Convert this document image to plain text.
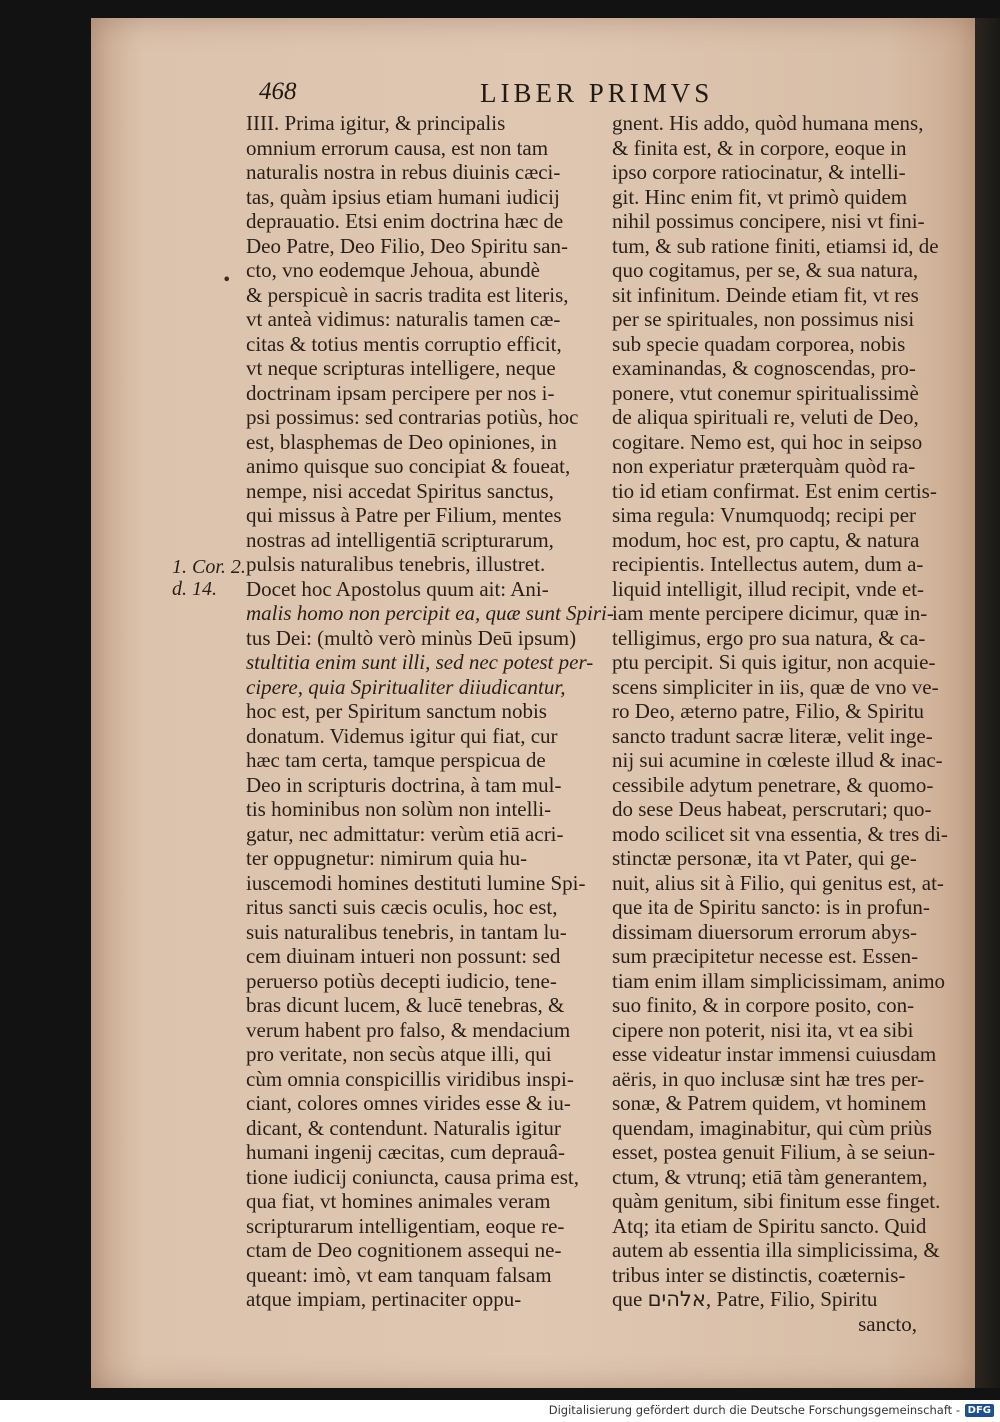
468	LIBER PRIMVS
•
1. Cor. 2.
d. 14.
IIII. Prima igitur, & principalis
omnium errorum causa, est non tam
naturalis nostra in rebus diuinis cæci-
tas, quàm ipsius etiam humani iudicij
deprauatio. Etsi enim doctrina hæc de
Deo Patre, Deo Filio, Deo Spiritu san-
cto, vno eodemque Jehoua, abundè
& perspicuè in sacris tradita est literis,
vt anteà vidimus: naturalis tamen cæ-
citas & totius mentis corruptio efficit,
vt neque scripturas intelligere, neque
doctrinam ipsam percipere per nos i-
psi possimus: sed contrarias potiùs, hoc
est, blasphemas de Deo opiniones, in
animo quisque suo concipiat & foueat,
nempe, nisi accedat Spiritus sanctus,
qui missus à Patre per Filium, mentes
nostras ad intelligentiā scripturarum,
pulsis naturalibus tenebris, illustret.
Docet hoc Apostolus quum ait: Ani-
malis homo non percipit ea, quæ sunt Spiri-
tus Dei: (multò verò minùs Deū ipsum)
stultitia enim sunt illi, sed nec potest per-
cipere, quia Spiritualiter diiudicantur,
hoc est, per Spiritum sanctum nobis
donatum. Videmus igitur qui fiat, cur
hæc tam certa, tamque perspicua de
Deo in scripturis doctrina, à tam mul-
tis hominibus non solùm non intelli-
gatur, nec admittatur: verùm etiā acri-
ter oppugnetur: nimirum quia hu-
iuscemodi homines destituti lumine Spi-
ritus sancti suis cæcis oculis, hoc est,
suis naturalibus tenebris, in tantam lu-
cem diuinam intueri non possunt: sed
peruerso potiùs decepti iudicio, tene-
bras dicunt lucem, & lucē tenebras, &
verum habent pro falso, & mendacium
pro veritate, non secùs atque illi, qui
cùm omnia conspicillis viridibus inspi-
ciant, colores omnes virides esse & iu-
dicant, & contendunt. Naturalis igitur
humani ingenij cæcitas, cum deprauâ-
tione iudicij coniuncta, causa prima est,
qua fiat, vt homines animales veram
scripturarum intelligentiam, eoque re-
ctam de Deo cognitionem assequi ne-
queant: imò, vt eam tanquam falsam
atque impiam, pertinaciter oppu-
gnent. His addo, quòd humana mens,
& finita est, & in corpore, eoque in
ipso corpore ratiocinatur, & intelli-
git. Hinc enim fit, vt primò quidem
nihil possimus concipere, nisi vt fini-
tum, & sub ratione finiti, etiamsi id, de
quo cogitamus, per se, & sua natura,
sit infinitum. Deinde etiam fit, vt res
per se spirituales, non possimus nisi
sub specie quadam corporea, nobis
examinandas, & cognoscendas, pro-
ponere, vtut conemur spiritualissimè
de aliqua spirituali re, veluti de Deo,
cogitare. Nemo est, qui hoc in seipso
non experiatur præterquàm quòd ra-
tio id etiam confirmat. Est enim certis-
sima regula: Vnumquodq; recipi per
modum, hoc est, pro captu, & natura
recipientis. Intellectus autem, dum a-
liquid intelligit, illud recipit, vnde et-
iam mente percipere dicimur, quæ in-
telligimus, ergo pro sua natura, & ca-
ptu percipit. Si quis igitur, non acquie-
scens simpliciter in iis, quæ de vno ve-
ro Deo, æterno patre, Filio, & Spiritu
sancto tradunt sacræ literæ, velit inge-
nij sui acumine in cœleste illud & inac-
cessibile adytum penetrare, & quomo-
do sese Deus habeat, perscrutari; quo-
modo scilicet sit vna essentia, & tres di-
stinctæ personæ, ita vt Pater, qui ge-
nuit, alius sit à Filio, qui genitus est, at-
que ita de Spiritu sancto: is in profun-
dissimam diuersorum errorum abys-
sum præcipitetur necesse est. Essen-
tiam enim illam simplicissimam, animo
suo finito, & in corpore posito, con-
cipere non poterit, nisi ita, vt ea sibi
esse videatur instar immensi cuiusdam
aëris, in quo inclusæ sint hæ tres per-
sonæ, & Patrem quidem, vt hominem
quendam, imaginabitur, qui cùm priùs
esset, postea genuit Filium, à se seiun-
ctum, & vtrunq; etiā tàm generantem,
quàm genitum, sibi finitum esse finget.
Atq; ita etiam de Spiritu sancto. Quid
autem ab essentia illa simplicissima, &
tribus inter se distinctis, coæternis-
que אלהים, Patre, Filio, Spiritu
sancto,
Digitalisierung gefördert durch die Deutsche Forschungsgemeinschaft - DFG
